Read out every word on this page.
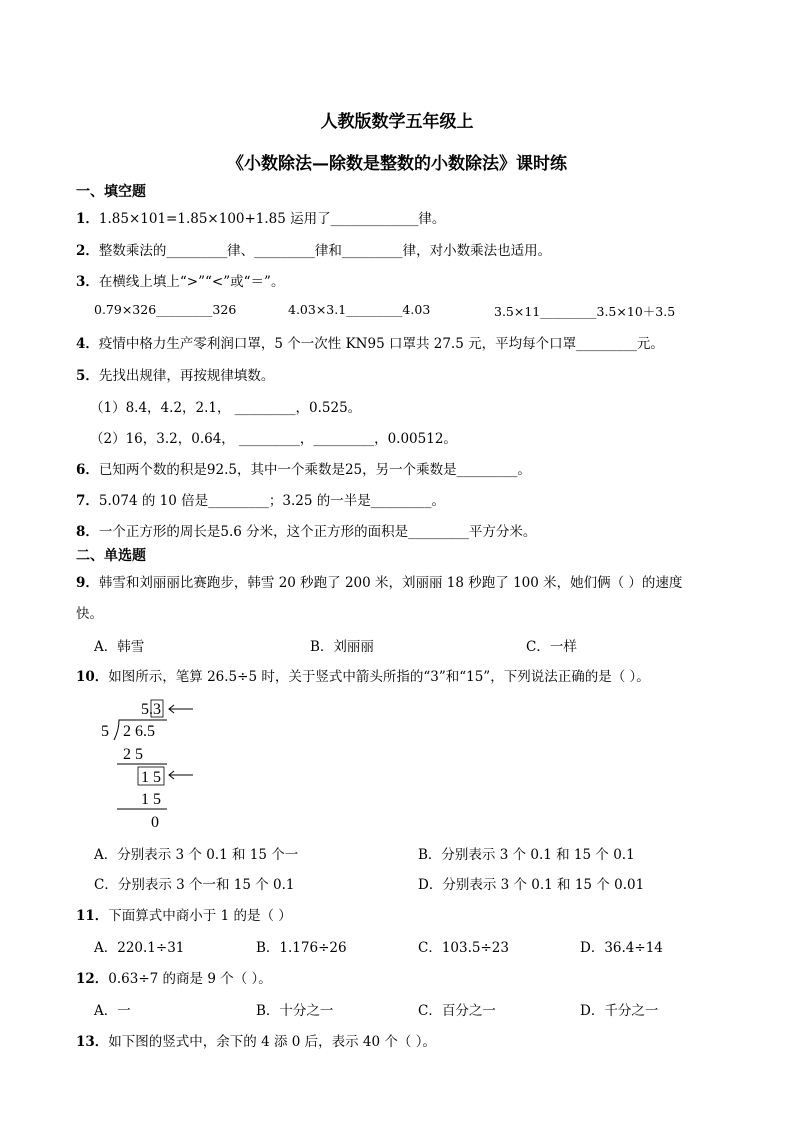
人教版数学五年级上
《小数除法—除数是整数的小数除法》课时练
一、填空题
1．1.85×101=1.85×100+1.85 运用了_____________律。
2．整数乘法的_________律、_________律和_________律，对小数乘法也适用。
3．在横线上填上“>”“<”或“＝”。
0.79×326_________326	4.03×3.1_________4.03	3.5×11_________3.5×10＋3.5
4．疫情中格力生产零利润口罩，5 个一次性 KN95 口罩共 27.5 元，平均每个口罩_________元。
5．先找出规律，再按规律填数。
（1）8.4，4.2，2.1， _________，0.525。
（2）16，3.2，0.64， _________，_________，0.00512。
6．已知两个数的积是92.5，其中一个乘数是25，另一个乘数是_________。
7．5.074 的 10 倍是_________；3.25 的一半是_________。
8．一个正方形的周长是5.6 分米，这个正方形的面积是_________平方分米。
二、单选题
9．韩雪和刘丽丽比赛跑步，韩雪 20 秒跑了 200 米，刘丽丽 18 秒跑了 100 米，她们俩（ ）的速度
快。
A．韩雪	B．刘丽丽	C．一样
10．如图所示，笔算 26.5÷5 时，关于竖式中箭头所指的“3”和“15”，下列说法正确的是（ ）。
5. 3
5 2 6.5
2 5
1 5
1 5
0
A．分别表示 3 个 0.1 和 15 个一	B．分别表示 3 个 0.1 和 15 个 0.1
C．分别表示 3 个一和 15 个 0.1	D．分别表示 3 个 0.1 和 15 个 0.01
11．下面算式中商小于 1 的是（ ）
A．220.1÷31	B．1.176÷26	C．103.5÷23	D．36.4÷14
12．0.63÷7 的商是 9 个（ ）。
A．一	B．十分之一	C．百分之一	D．千分之一
13．如下图的竖式中，余下的 4 添 0 后，表示 40 个（ ）。
